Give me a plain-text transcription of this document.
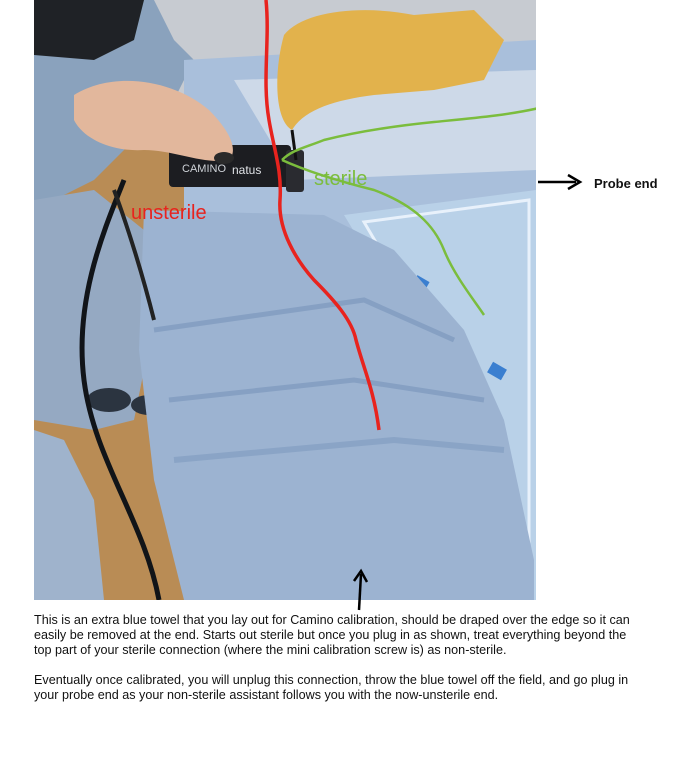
CAMINO natus
unsterile
sterile	Probe end

This is an extra blue towel that you lay out for Camino calibration, should be draped over the edge so it can easily be removed at the end. Starts out sterile but once you plug in as shown, treat everything beyond the top part of your sterile connection (where the mini calibration screw is) as non-sterile.

Eventually once calibrated, you will unplug this connection, throw the blue towel off the field, and go plug in your probe end as your non-sterile assistant follows you with the now-unsterile end.
